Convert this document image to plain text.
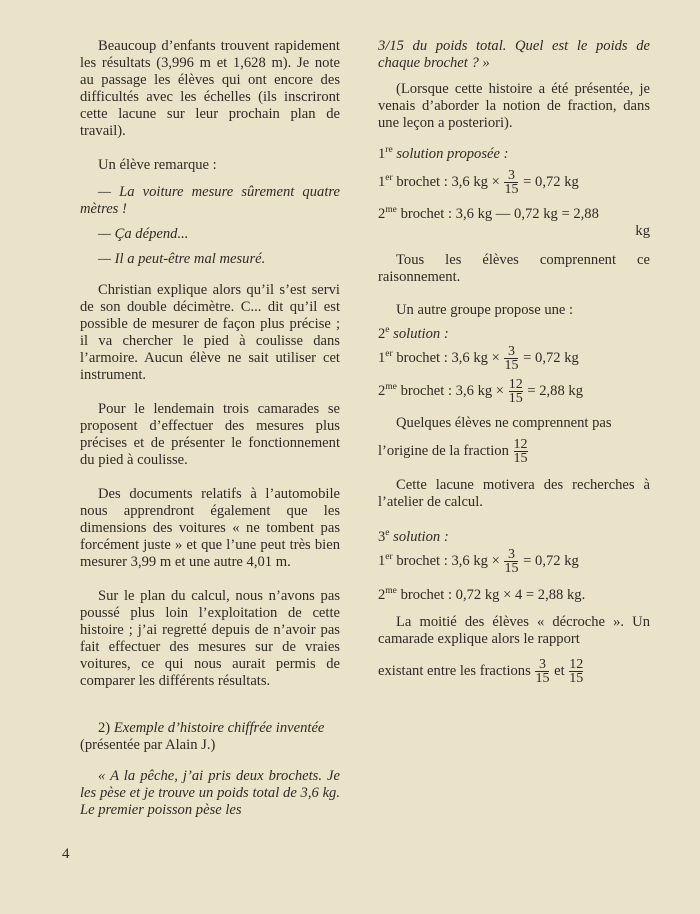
Beaucoup d’enfants trouvent rapidement les résultats (3,996 m et 1,628 m). Je note au passage les élèves qui ont encore des difficultés avec les échelles (ils inscriront cette lacune sur leur prochain plan de travail).

Un élève remarque :

— La voiture mesure sûrement quatre mètres !

— Ça dépend...

— Il a peut-être mal mesuré.

Christian explique alors qu’il s’est servi de son double décimètre. C... dit qu’il est possible de mesurer de façon plus précise ; il va chercher le pied à coulisse dans l’armoire. Aucun élève ne sait utiliser cet instrument.

Pour le lendemain trois camarades se proposent d’effectuer des mesures plus précises et de présenter le fonctionnement du pied à coulisse.

Des documents relatifs à l’automobile nous apprendront également que les dimensions des voitures « ne tombent pas forcément juste » et que l’une peut très bien mesurer 3,99 m et une autre 4,01 m.

Sur le plan du calcul, nous n’avons pas poussé plus loin l’exploitation de cette histoire ; j’ai regretté depuis de n’avoir pas fait effectuer des mesures sur de vraies voitures, ce qui nous aurait permis de comparer les différents résultats.

2) Exemple d’histoire chiffrée inventée

(présentée par Alain J.)

« A la pêche, j’ai pris deux brochets. Je les pèse et je trouve un poids total de 3,6 kg. Le premier poisson pèse les

3/15 du poids total. Quel est le poids de chaque brochet ? »

(Lorsque cette histoire a été présentée, je venais d’aborder la notion de fraction, dans une leçon a posteriori).

1re solution proposée :

1er brochet : 3,6 kg ×
$\frac{3}{15}$
= 0,72 kg
$2^{me}$ brochet : 3,6 kg — 0,72 kg = 2,88
kg

Tous les élèves comprennent ce raisonnement.

Un autre groupe propose une :

2e solution :

1er brochet : 3,6 kg ×
$\frac{3}{15}$
= 0,72 kg
$2^{me}$ brochet : 3,6 kg ×
$\frac{12}{15}$
= 2,88 kg

Quelques élèves ne comprennent pas

l’origine de la fraction
$\frac{12}{15}$

Cette lacune motivera des recherches à l’atelier de calcul.

3e solution :

1er brochet : 3,6 kg ×
$\frac{3}{15}$
= 0,72 kg

$2^{me}$ brochet : 0,72 kg × 4 = 2,88 kg.

La moitié des élèves « décroche ». Un camarade explique alors le rapport

existant entre les fractions
$\frac{3}{15}$
et
$\frac{12}{15}$
4
